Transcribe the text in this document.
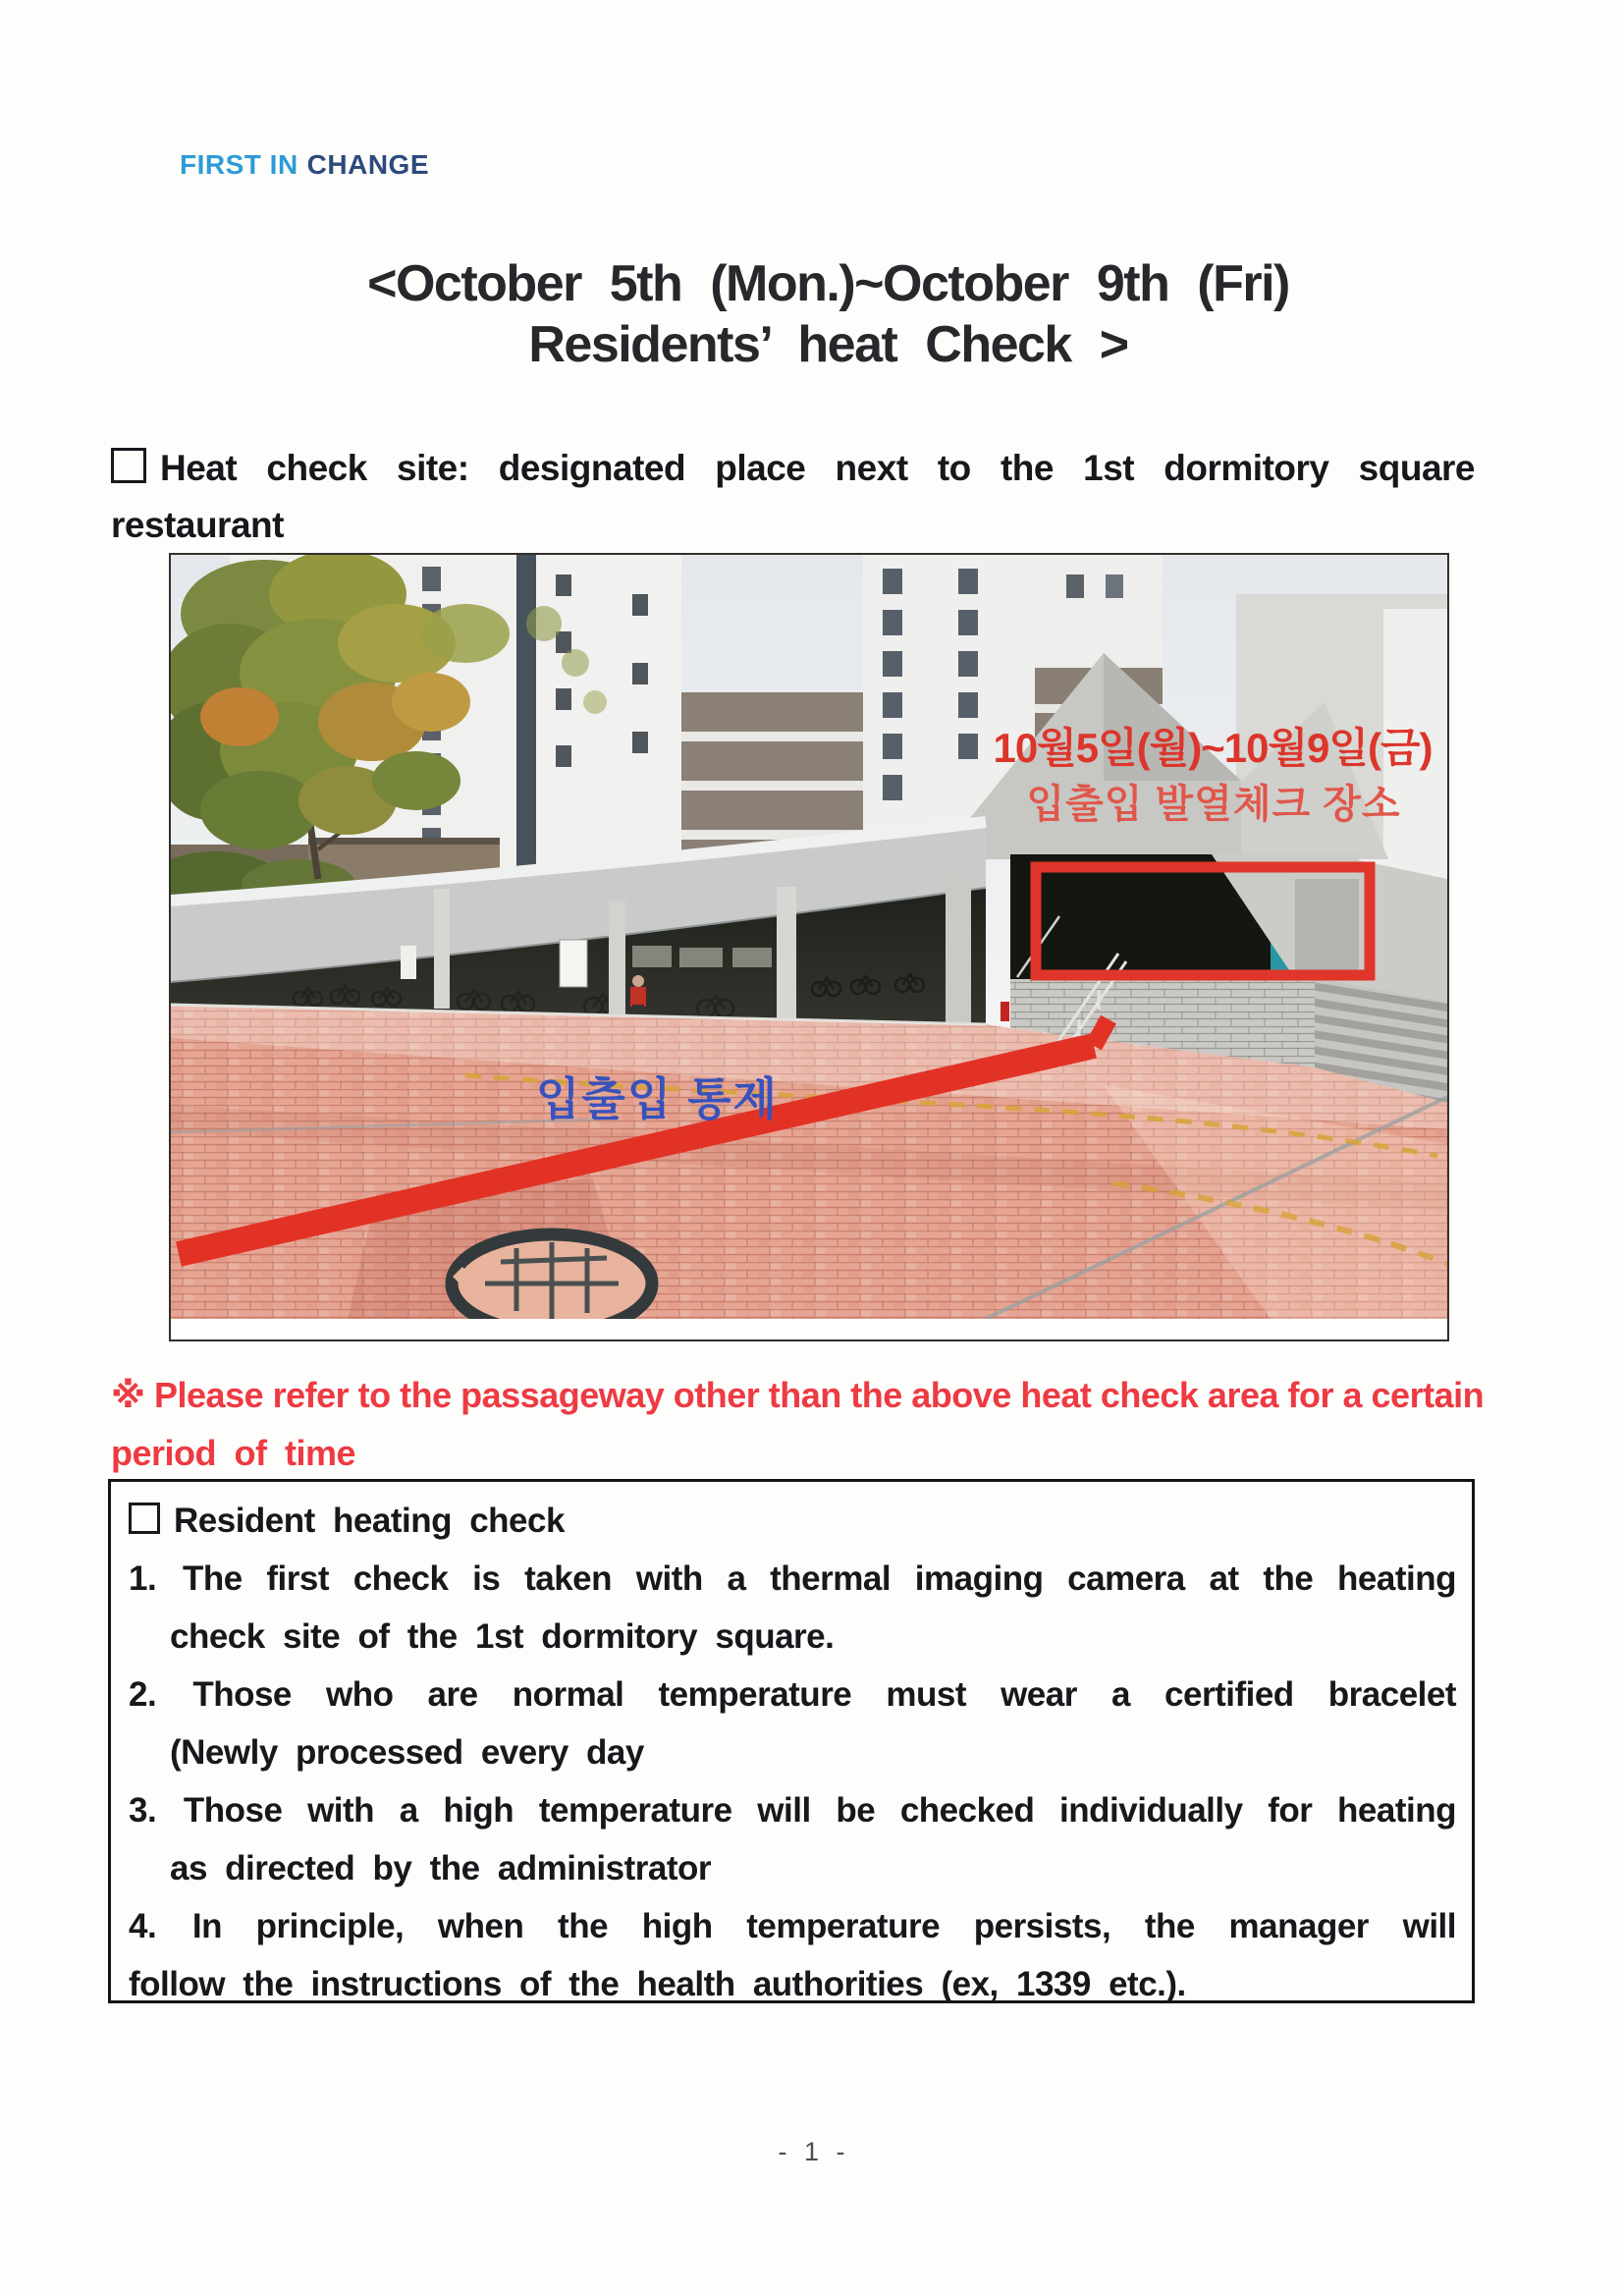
FIRST IN CHANGE
<October 5th (Mon.)~October 9th (Fri)
Residents’ heat Check >
Heat check site: designated place next to the 1st dormitory square
restaurant
10월5일(월)~10월9일(금)
입출입 발열체크 장소
입출입 통제
※ Please refer to the passageway other than the above heat check area for a certain
period of time
Resident heating check
1. The first check is taken with a thermal imaging camera at the heating
check site of the 1st dormitory square.
2. Those who are normal temperature must wear a certified bracelet
(Newly processed every day
3. Those with a high temperature will be checked individually for heating
as directed by the administrator
4. In principle, when the high temperature persists, the manager will
follow the instructions of the health authorities (ex, 1339 etc.).
- 1 -
